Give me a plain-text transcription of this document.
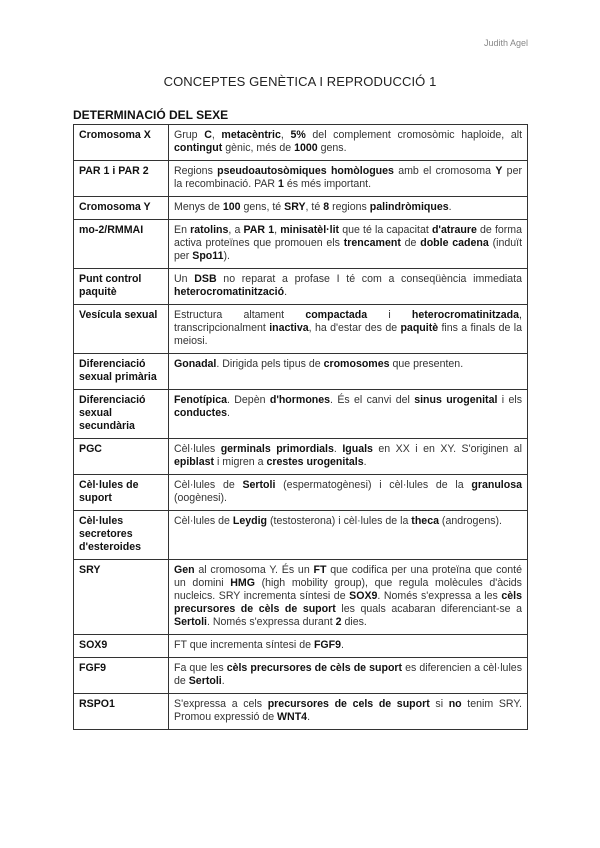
Judith Agel
CONCEPTES GENÈTICA I REPRODUCCIÓ 1
DETERMINACIÓ DEL SEXE
Cromosoma X	Grup C, metacèntric, 5% del complement cromosòmic haploide, alt contingut gènic, més de 1000 gens.
PAR 1 i PAR 2	Regions pseudoautosòmiques homòlogues amb el cromosoma Y per la recombinació. PAR 1 és més important.
Cromosoma Y	Menys de 100 gens, té SRY, té 8 regions palindròmiques.
mo-2/RMMAI	En ratolins, a PAR 1, minisatèl·lit que té la capacitat d'atraure de forma activa proteïnes que promouen els trencament de doble cadena (induït per Spo11).
Punt control paquitè	Un DSB no reparat a profase I té com a conseqüència immediata heterocromatinització.
Vesícula sexual	Estructura altament compactada i heterocromatinitzada, transcripcionalment inactiva, ha d'estar des de paquitè fins a finals de la meiosi.
Diferenciació sexual primària	Gonadal. Dirigida pels tipus de cromosomes que presenten.
Diferenciació sexual secundària	Fenotípica. Depèn d'hormones. És el canvi del sinus urogenital i els conductes.
PGC	Cèl·lules germinals primordials. Iguals en XX i en XY. S'originen al epiblast i migren a crestes urogenitals.
Cèl·lules de suport	Cèl·lules de Sertoli (espermatogènesi) i cèl·lules de la granulosa (oogènesi).
Cèl·lules secretores d'esteroides	Cèl·lules de Leydig (testosterona) i cèl·lules de la theca (androgens).
SRY	Gen al cromosoma Y. És un FT que codifica per una proteïna que conté un domini HMG (high mobility group), que regula molècules d'àcids nucleics. SRY incrementa síntesi de SOX9. Només s'expressa a les cèls precursores de cèls de suport les quals acabaran diferenciant-se a Sertoli. Només s'expressa durant 2 dies.
SOX9	FT que incrementa síntesi de FGF9.
FGF9	Fa que les cèls precursores de cèls de suport es diferencien a cèl·lules de Sertoli.
RSPO1	S'expressa a cels precursores de cels de suport si no tenim SRY. Promou expressió de WNT4.
